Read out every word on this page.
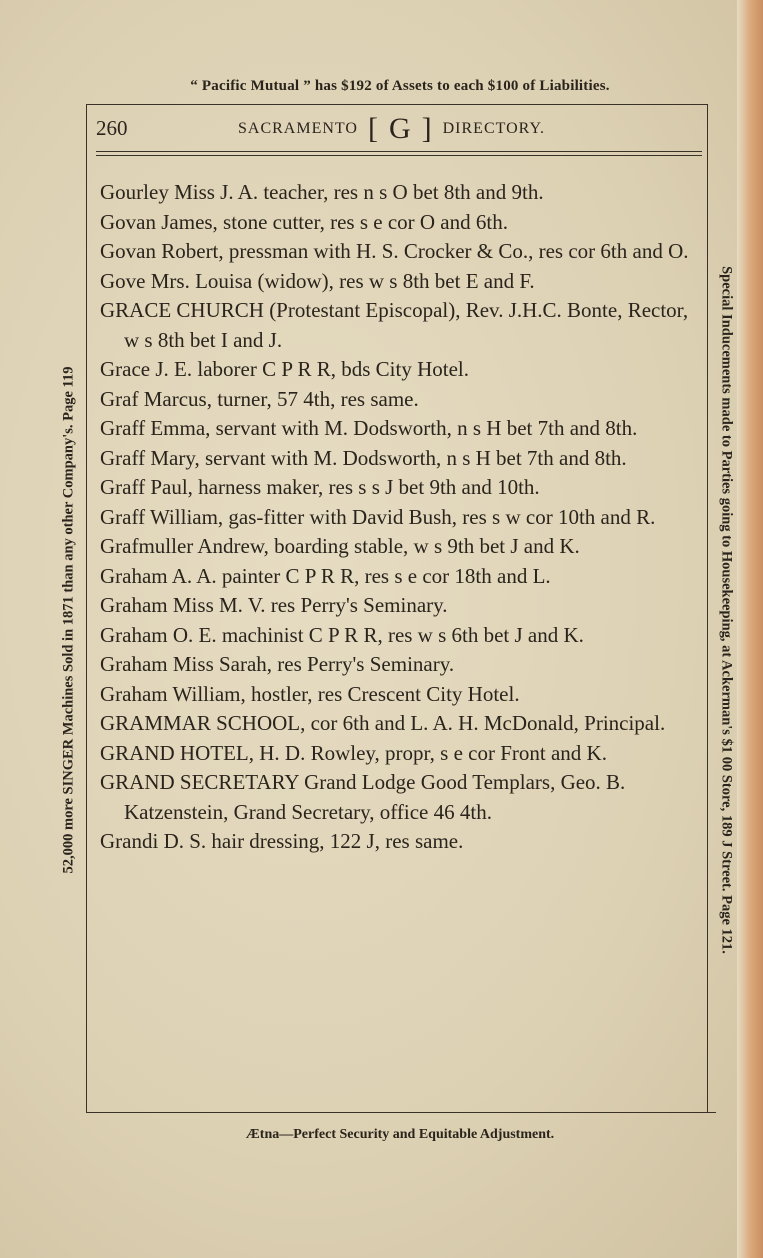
“ Pacific Mutual ” has $192 of Assets to each $100 of Liabilities.
260	SACRAMENTO [ G ] DIRECTORY.

Gourley Miss J. A. teacher, res n s O bet 8th and 9th.

Govan James, stone cutter, res s e cor O and 6th.

Govan Robert, pressman with H. S. Crocker & Co., res cor 6th and O.

Gove Mrs. Louisa (widow), res w s 8th bet E and F.

GRACE CHURCH (Protestant Episcopal), Rev. J.H.C. Bonte, Rector, w s 8th bet I and J.

Grace J. E. laborer C P R R, bds City Hotel.

Graf Marcus, turner, 57 4th, res same.

Graff Emma, servant with M. Dodsworth, n s H bet 7th and 8th.

Graff Mary, servant with M. Dodsworth, n s H bet 7th and 8th.

Graff Paul, harness maker, res s s J bet 9th and 10th.

Graff William, gas-fitter with David Bush, res s w cor 10th and R.

Grafmuller Andrew, boarding stable, w s 9th bet J and K.

Graham A. A. painter C P R R, res s e cor 18th and L.

Graham Miss M. V. res Perry's Seminary.

Graham O. E. machinist C P R R, res w s 6th bet J and K.

Graham Miss Sarah, res Perry's Seminary.

Graham William, hostler, res Crescent City Hotel.

GRAMMAR SCHOOL, cor 6th and L. A. H. McDonald, Principal.

GRAND HOTEL, H. D. Rowley, propr, s e cor Front and K.

GRAND SECRETARY Grand Lodge Good Templars, Geo. B. Katzenstein, Grand Secretary, office 46 4th.

Grandi D. S. hair dressing, 122 J, res same.

52,000 more SINGER Machines Sold in 1871 than any other Company's. Page 119	Special Inducements made to Parties going to Housekeeping, at Ackerman's $1 00 Store, 189 J Street. Page 121.
Ætna—Perfect Security and Equitable Adjustment.
